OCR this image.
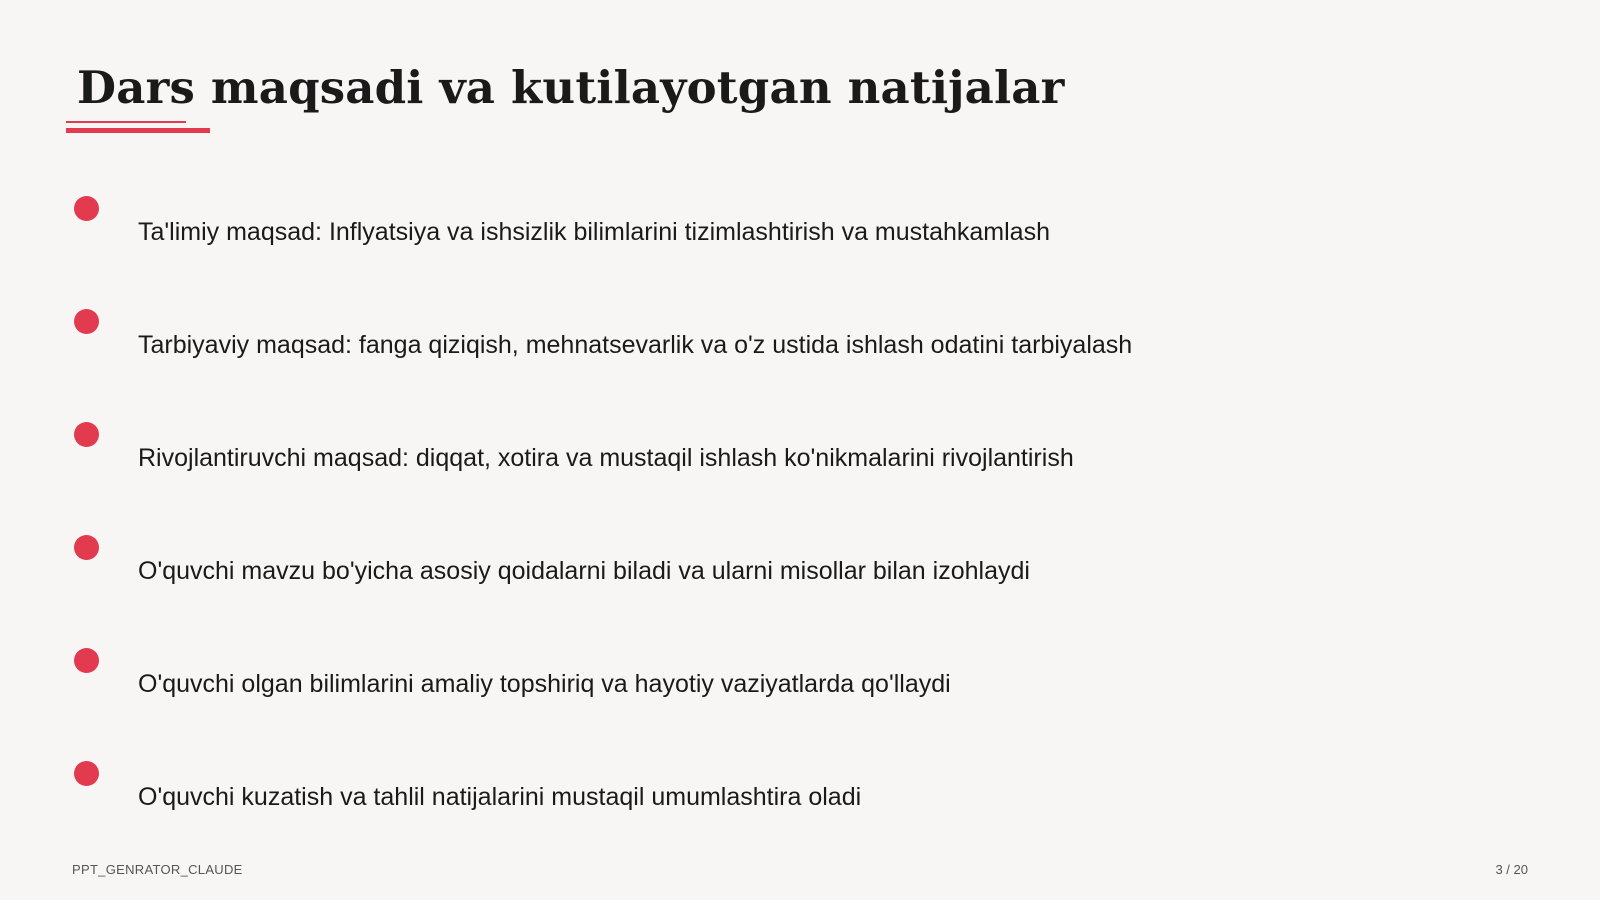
Dars maqsadi va kutilayotgan natijalar
Ta'limiy maqsad: Inflyatsiya va ishsizlik bilimlarini tizimlashtirish va mustahkamlash
Tarbiyaviy maqsad: fanga qiziqish, mehnatsevarlik va o'z ustida ishlash odatini tarbiyalash
Rivojlantiruvchi maqsad: diqqat, xotira va mustaqil ishlash ko'nikmalarini rivojlantirish
O'quvchi mavzu bo'yicha asosiy qoidalarni biladi va ularni misollar bilan izohlaydi
O'quvchi olgan bilimlarini amaliy topshiriq va hayotiy vaziyatlarda qo'llaydi
O'quvchi kuzatish va tahlil natijalarini mustaqil umumlashtira oladi
PPT_GENRATOR_CLAUDE	3 / 20
